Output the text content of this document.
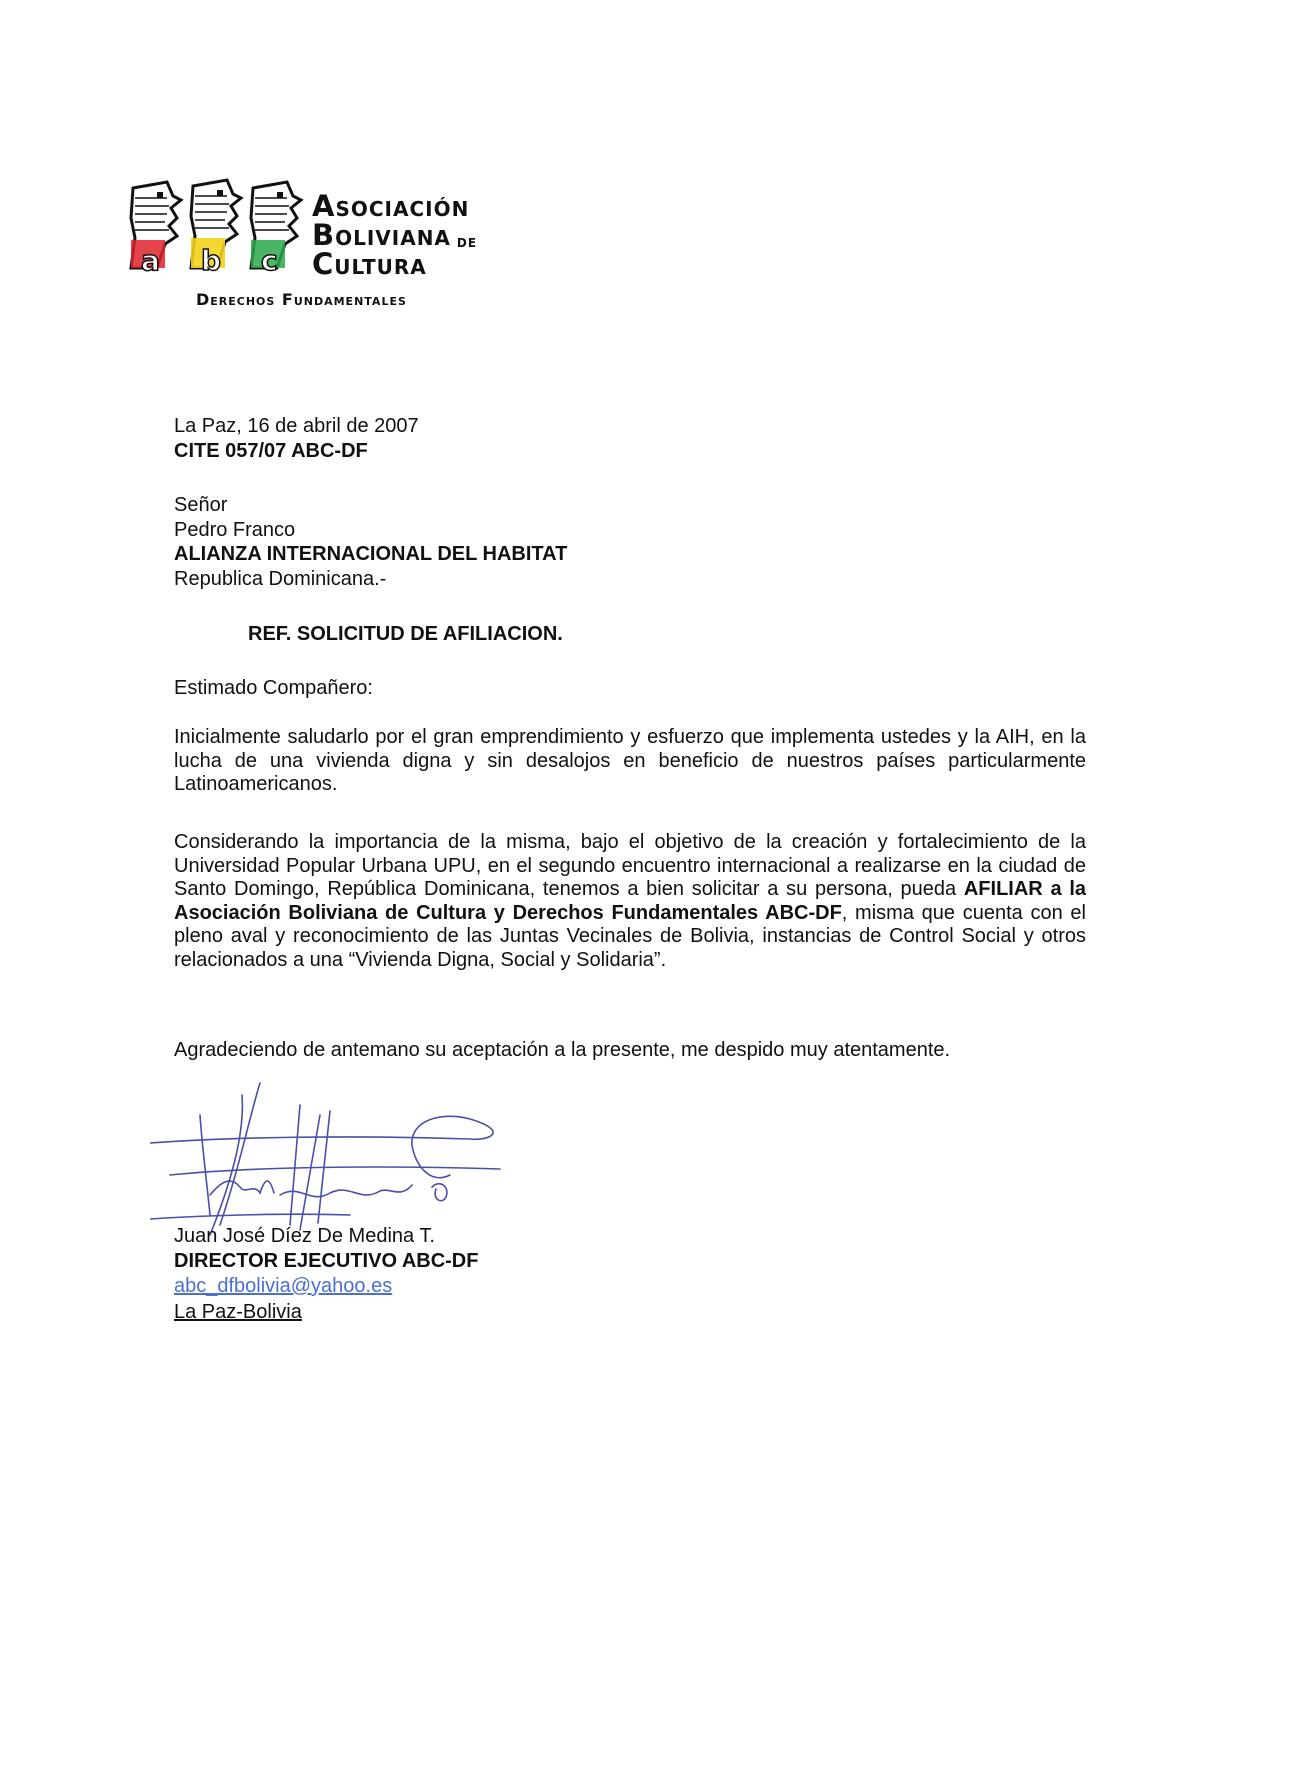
a b c
Asociación
Boliviana $^{DE}$
Cultura
Derechos Fundamentales
La Paz, 16 de abril de 2007
CITE 057/07 ABC-DF
Señor
Pedro Franco
ALIANZA INTERNACIONAL DEL HABITAT
Republica Dominicana.-
REF. SOLICITUD DE AFILIACION.
Estimado Compañero:

Inicialmente saludarlo por el gran emprendimiento y esfuerzo que implementa ustedes y la AIH, en la lucha de una vivienda digna y sin desalojos en beneficio de nuestros países particularmente Latinoamericanos.

Considerando la importancia de la misma, bajo el objetivo de la creación y fortalecimiento de la Universidad Popular Urbana UPU, en el segundo encuentro internacional a realizarse en la ciudad de Santo Domingo, República Dominicana, tenemos a bien solicitar a su persona, pueda AFILIAR a la Asociación Boliviana de Cultura y Derechos Fundamentales ABC-DF, misma que cuenta con el pleno aval y reconocimiento de las Juntas Vecinales de Bolivia, instancias de Control Social y otros relacionados a una “Vivienda Digna, Social y Solidaria”.

Agradeciendo de antemano su aceptación a la presente, me despido muy atentamente.
Juan José Díez De Medina T.
DIRECTOR EJECUTIVO ABC-DF
abc_dfbolivia@yahoo.es
La Paz-Bolivia
